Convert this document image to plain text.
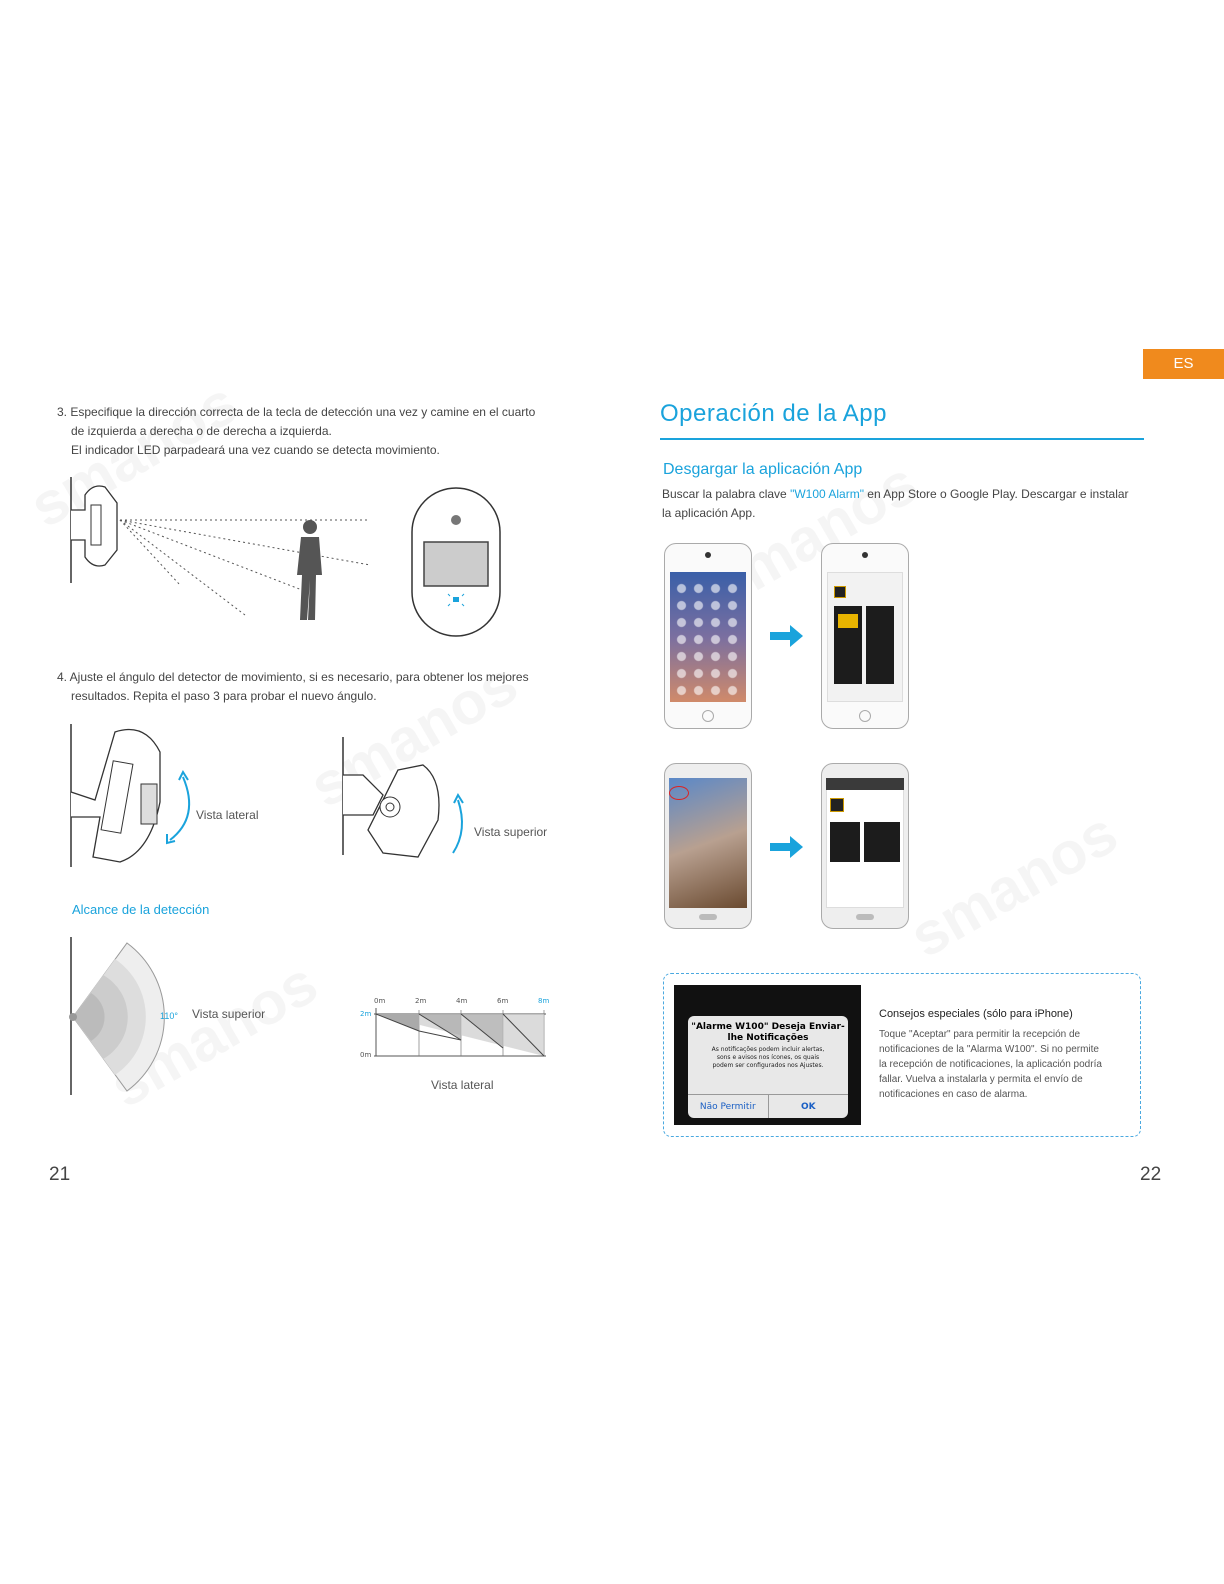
ES
3. Especifique la dirección correcta de la tecla de detección una vez y camine en el cuarto
de izquierda a derecha o de derecha a izquierda.
El indicador LED parpadeará una vez cuando se detecta movimiento.
4. Ajuste el ángulo del detector de movimiento, si es necesario, para obtener los mejores
resultados. Repita el paso 3 para probar el nuevo ángulo.
Vista lateral
Vista superior
Alcance de la detección
110° Vista superior
0m	2m	4m	6m	8m
2m
0m
Vista lateral
21
Operación de la App
Desgargar la aplicación App
Buscar la palabra clave "W100 Alarm" en App Store o Google Play. Descargar e instalar
la aplicación App.
"Alarme W100" Deseja Enviar-
lhe Notificações
As notificações podem incluir alertas,
sons e avisos nos ícones, os quais
podem ser configurados nos Ajustes.
Não Permitir	OK
Consejos especiales (sólo para iPhone)
Toque "Aceptar" para permitir la recepción de
notificaciones de la "Alarma W100". Si no permite
la recepción de notificaciones, la aplicación podría
fallar. Vuelva a instalarla y permita el envío de
notificaciones en caso de alarma.
22
